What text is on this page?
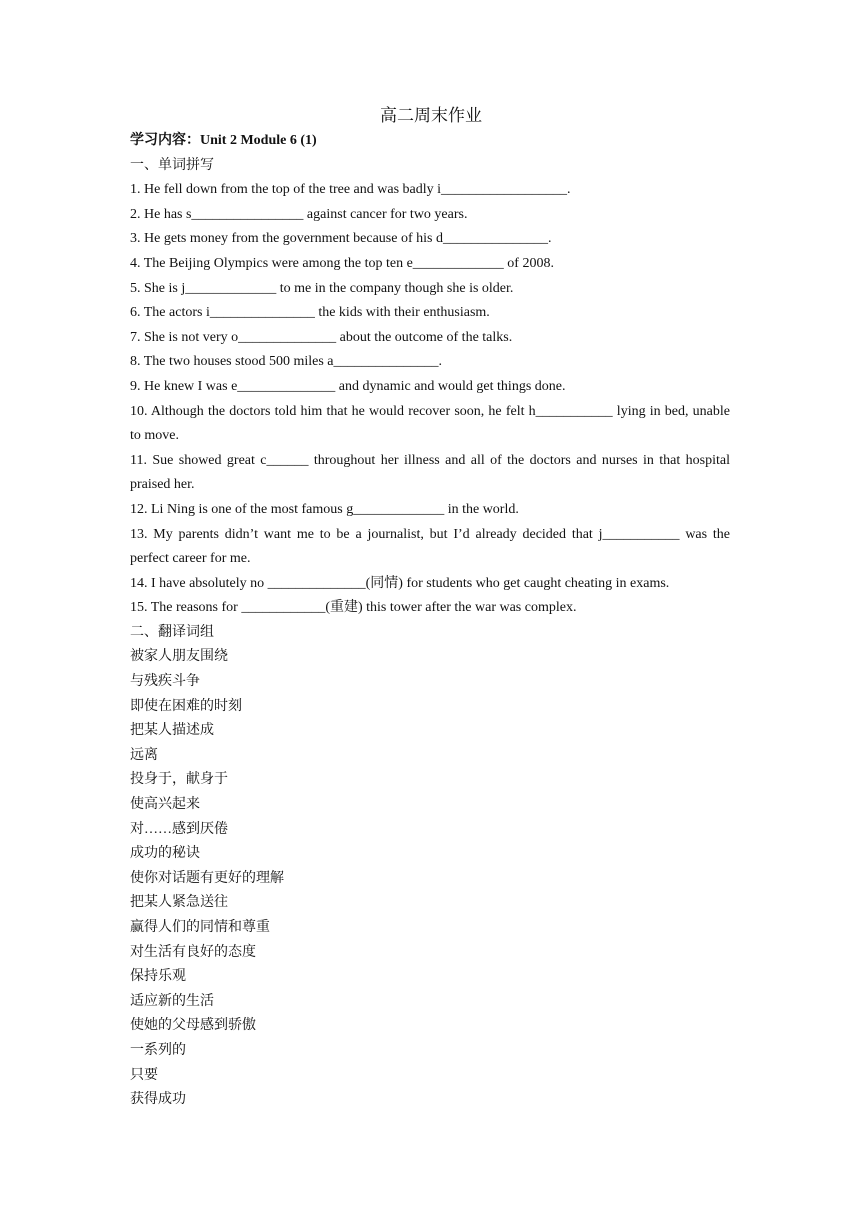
高二周末作业
学习内容：Unit 2 Module 6 (1)
一、单词拼写
1. He fell down from the top of the tree and was badly i__________________.
2. He has s________________ against cancer for two years.
3. He gets money from the government because of his d_______________.
4. The Beijing Olympics were among the top ten e_____________ of 2008.
5. She is j_____________ to me in the company though she is older.
6. The actors i_______________ the kids with their enthusiasm.
7. She is not very o______________ about the outcome of the talks.
8. The two houses stood 500 miles a_______________.
9. He knew I was e______________ and dynamic and would get things done.
10. Although the doctors told him that he would recover soon, he felt h___________ lying in bed, unable to move.
11. Sue showed great c______ throughout her illness and all of the doctors and nurses in that hospital praised her.
12. Li Ning is one of the most famous g_____________ in the world.
13. My parents didn’t want me to be a journalist, but I’d already decided that j___________ was the perfect career for me.
14. I have absolutely no ______________(同情) for students who get caught cheating in exams.
15. The reasons for ____________(重建) this tower after the war was complex.
二、翻译词组
被家人朋友围绕
与残疾斗争
即使在困难的时刻
把某人描述成
远离
投身于，献身于
使高兴起来
对……感到厌倦
成功的秘诀
使你对话题有更好的理解
把某人紧急送往
赢得人们的同情和尊重
对生活有良好的态度
保持乐观
适应新的生活
使她的父母感到骄傲
一系列的
只要
获得成功
